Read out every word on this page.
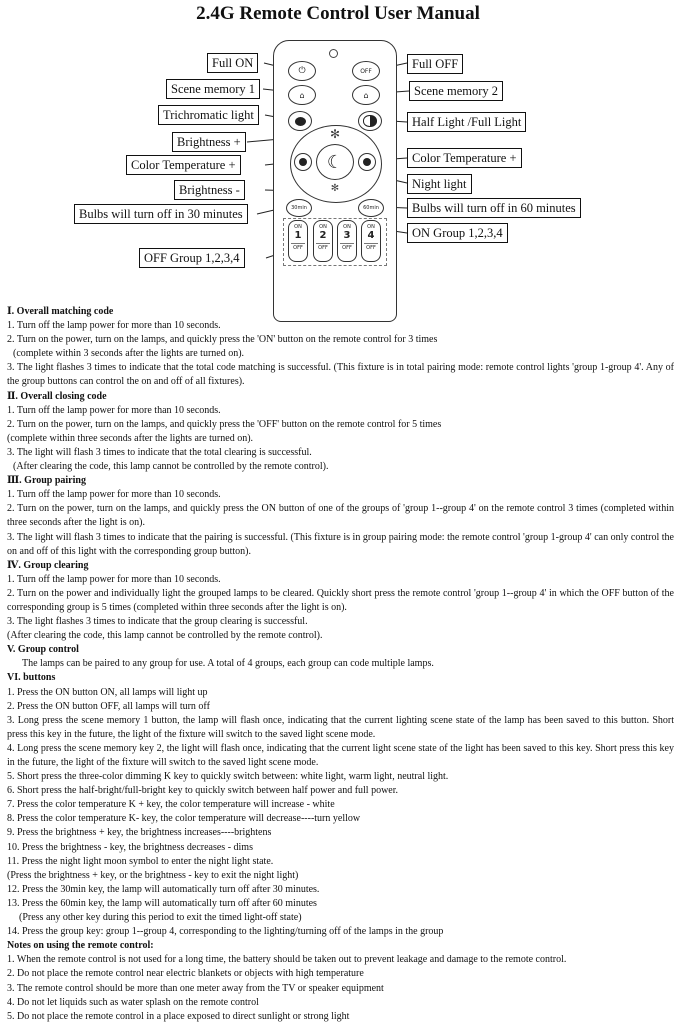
2.4G Remote Control User Manual
⏻	OFF
⌂	⌂
✻
☾
✻
30min	60min
ON
1
OFF
ON
2
OFF
ON
3
OFF
ON
4
OFF
Full ON	Full OFF
Scene memory 1	Scene memory 2
Trichromatic light	Half Light /Full Light
Brightness +
Color Temperature +	Color Temperature +
Night light
Brightness -
Bulbs will turn off in 30 minutes	Bulbs will turn off in 60 minutes
ON Group 1,2,3,4
OFF Group 1,2,3,4

Ⅰ. Overall matching code

1. Turn off the lamp power for more than 10 seconds.

2. Turn on the power, turn on the lamps, and quickly press the 'ON' button on the remote control for 3 times

(complete within 3 seconds after the lights are turned on).

3. The light flashes 3 times to indicate that the total code matching is successful. (This fixture is in total pairing mode: remote control lights 'group 1-group 4'. Any of the group buttons can control the on and off of all fixtures).

Ⅱ. Overall closing code

1. Turn off the lamp power for more than 10 seconds.

2. Turn on the power, turn on the lamps, and quickly press the 'OFF' button on the remote control for 5 times

(complete within three seconds after the lights are turned on).

3. The light will flash 3 times to indicate that the total clearing is successful.

(After clearing the code, this lamp cannot be controlled by the remote control).

Ⅲ. Group pairing

1. Turn off the lamp power for more than 10 seconds.

2. Turn on the power, turn on the lamps, and quickly press the ON button of one of the groups of 'group 1--group 4' on the remote control 3 times (completed within three seconds after the light is on).

3. The light will flash 3 times to indicate that the pairing is successful. (This fixture is in group pairing mode: the remote control 'group 1-group 4' can only control the on and off of this light with the corresponding group button).

Ⅳ. Group clearing

1. Turn off the lamp power for more than 10 seconds.

2. Turn on the power and individually light the grouped lamps to be cleared. Quickly short press the remote control 'group 1--group 4' in which the OFF button of the corresponding group is 5 times (completed within three seconds after the light is on).

3. The light flashes 3 times to indicate that the group clearing is successful.

(After clearing the code, this lamp cannot be controlled by the remote control).

V. Group control

The lamps can be paired to any group for use. A total of 4 groups, each group can code multiple lamps.

VI. buttons

1. Press the ON button ON, all lamps will light up

2. Press the ON button OFF, all lamps will turn off

3. Long press the scene memory 1 button, the lamp will flash once, indicating that the current lighting scene state of the lamp has been saved to this button. Short press this key in the future, the light of the fixture will switch to the saved light scene mode.

4. Long press the scene memory key 2, the light will flash once, indicating that the current light scene state of the light has been saved to this key. Short press this key in the future, the light of the fixture will switch to the saved light scene mode.

5. Short press the three-color dimming K key to quickly switch between: white light, warm light, neutral light.

6. Short press the half-bright/full-bright key to quickly switch between half power and full power.

7. Press the color temperature K + key, the color temperature will increase - white

8. Press the color temperature K- key, the color temperature will decrease----turn yellow

9. Press the brightness + key, the brightness increases----brightens

10. Press the brightness - key, the brightness decreases - dims

11. Press the night light moon symbol to enter the night light state.

(Press the brightness + key, or the brightness - key to exit the night light)

12. Press the 30min key, the lamp will automatically turn off after 30 minutes.

13. Press the 60min key, the lamp will automatically turn off after 60 minutes

(Press any other key during this period to exit the timed light-off state)

14. Press the group key: group 1--group 4, corresponding to the lighting/turning off of the lamps in the group

Notes on using the remote control:

1. When the remote control is not used for a long time, the battery should be taken out to prevent leakage and damage to the remote control.

2. Do not place the remote control near electric blankets or objects with high temperature

3. The remote control should be more than one meter away from the TV or speaker equipment

4. Do not let liquids such as water splash on the remote control

5. Do not place the remote control in a place exposed to direct sunlight or strong light
